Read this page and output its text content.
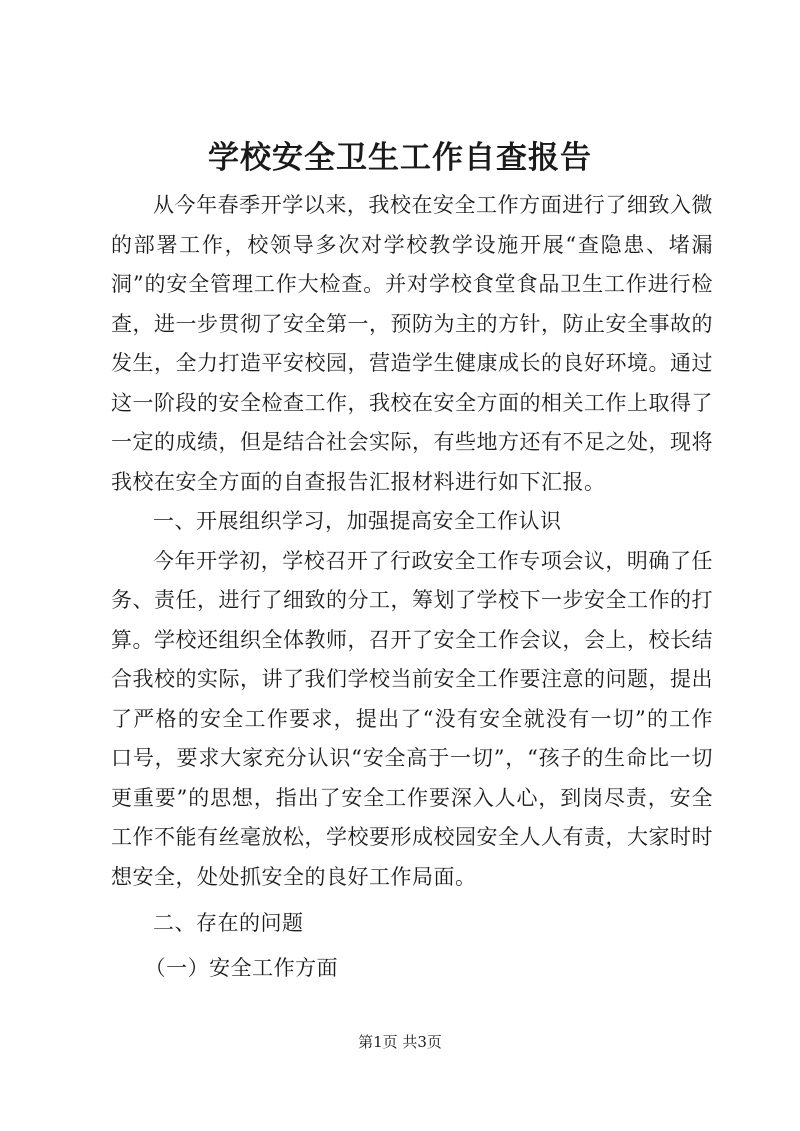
学校安全卫生工作自查报告

从今年春季开学以来，我校在安全工作方面进行了细致入微的部署工作，校领导多次对学校教学设施开展“查隐患、堵漏洞”的安全管理工作大检查。并对学校食堂食品卫生工作进行检查，进一步贯彻了安全第一，预防为主的方针，防止安全事故的发生，全力打造平安校园，营造学生健康成长的良好环境。通过这一阶段的安全检查工作，我校在安全方面的相关工作上取得了一定的成绩，但是结合社会实际，有些地方还有不足之处，现将我校在安全方面的自查报告汇报材料进行如下汇报。

一、开展组织学习，加强提高安全工作认识

今年开学初，学校召开了行政安全工作专项会议，明确了任务、责任，进行了细致的分工，筹划了学校下一步安全工作的打算。学校还组织全体教师，召开了安全工作会议，会上，校长结合我校的实际，讲了我们学校当前安全工作要注意的问题，提出了严格的安全工作要求，提出了“没有安全就没有一切”的工作口号，要求大家充分认识“安全高于一切”，“孩子的生命比一切更重要”的思想，指出了安全工作要深入人心，到岗尽责，安全工作不能有丝毫放松，学校要形成校园安全人人有责，大家时时想安全，处处抓安全的良好工作局面。

二、存在的问题

（一）安全工作方面

第1页 共3页
